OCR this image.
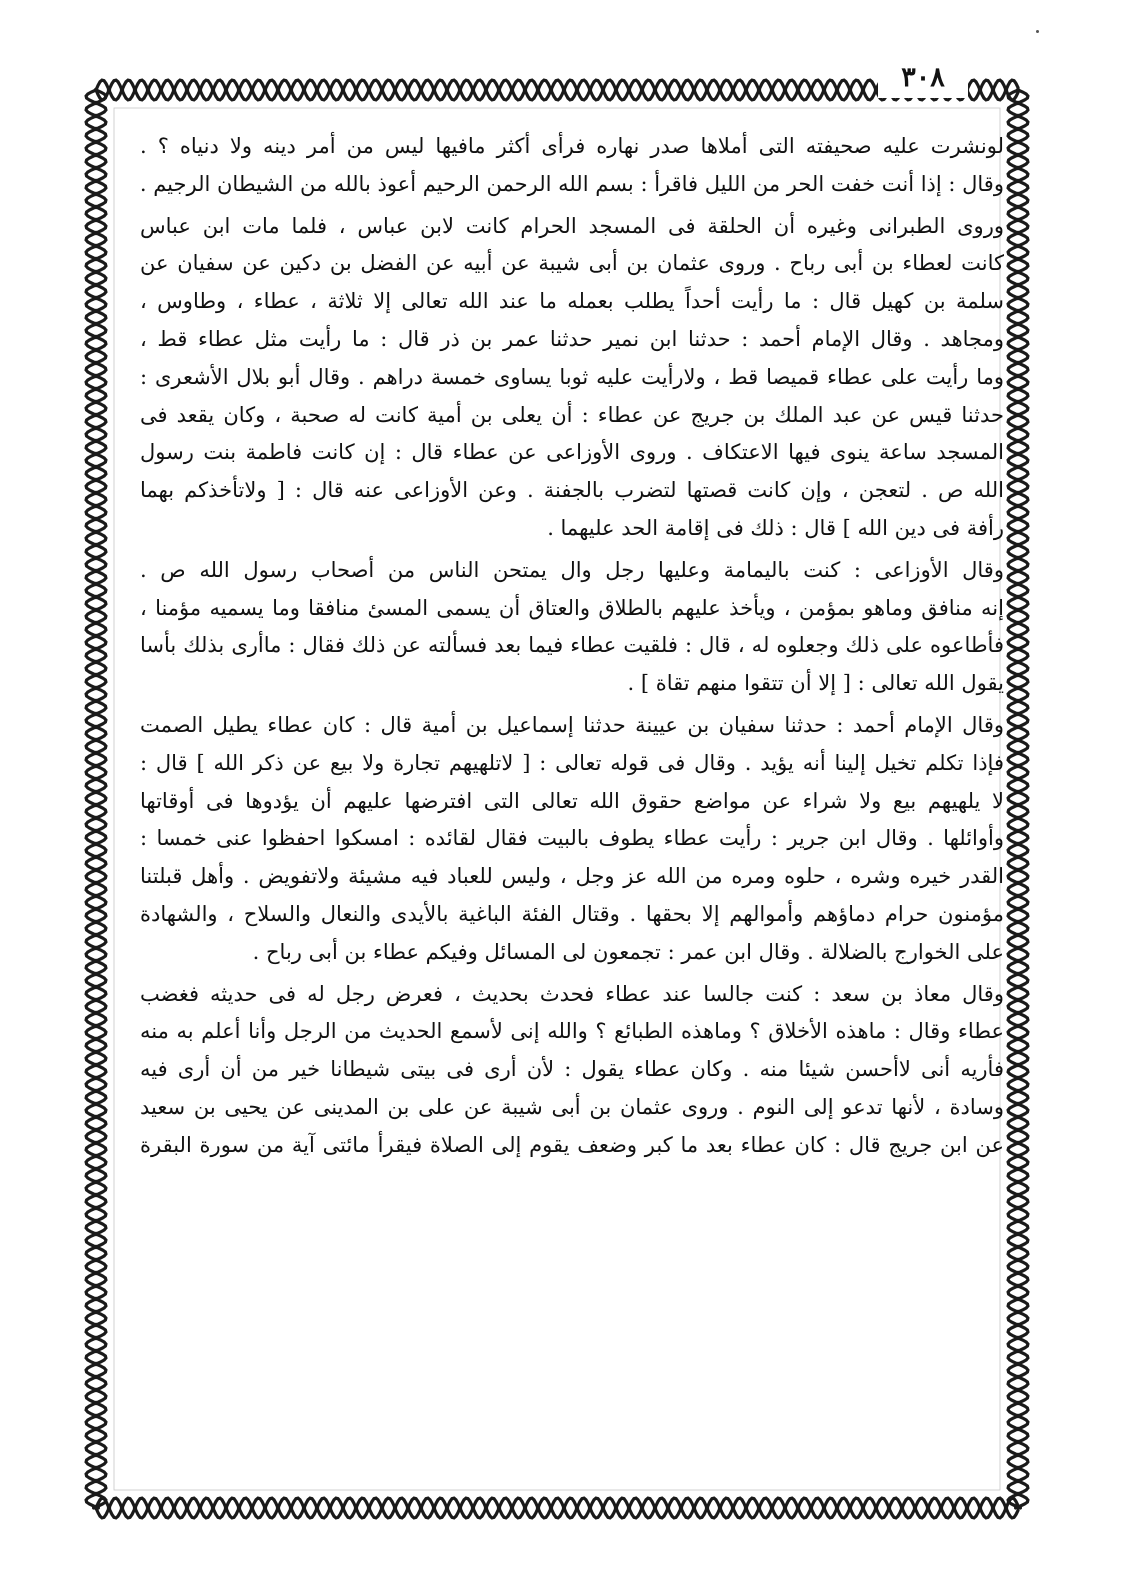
٣٠٨
لونشرت عليه صحيفته التى أملاها صدر نهاره فرأى أكثر مافيها ليس من أمر دينه ولا دنياه ؟ .
وقال : إذا أنت خفت الحر من الليل فاقرأ : بسم الله الرحمن الرحيم أعوذ بالله من الشيطان الرجيم .
وروى الطبرانى وغيره أن الحلقة فى المسجد الحرام كانت لابن عباس ، فلما مات ابن عباس
كانت لعطاء بن أبى رباح . وروى عثمان بن أبى شيبة عن أبيه عن الفضل بن دكين عن سفيان عن
سلمة بن كهيل قال : ما رأيت أحداً يطلب بعمله ما عند الله تعالى إلا ثلاثة ، عطاء ، وطاوس ،
ومجاهد . وقال الإمام أحمد : حدثنا ابن نمير حدثنا عمر بن ذر قال : ما رأيت مثل عطاء قط ،
وما رأيت على عطاء قميصا قط ، ولارأيت عليه ثوبا يساوى خمسة دراهم . وقال أبو بلال الأشعرى :
حدثنا قيس عن عبد الملك بن جريج عن عطاء : أن يعلى بن أمية كانت له صحبة ، وكان يقعد فى
المسجد ساعة ينوى فيها الاعتكاف . وروى الأوزاعى عن عطاء قال : إن كانت فاطمة بنت رسول
الله ص . لتعجن ، وإن كانت قصتها لتضرب بالجفنة . وعن الأوزاعى عنه قال : [ ولاتأخذكم بهما
رأفة فى دين الله ] قال : ذلك فى إقامة الحد عليهما .
وقال الأوزاعى : كنت باليمامة وعليها رجل وال يمتحن الناس من أصحاب رسول الله ص .
إنه منافق وماهو بمؤمن ، ويأخذ عليهم بالطلاق والعتاق أن يسمى المسئ منافقا وما يسميه مؤمنا ،
فأطاعوه على ذلك وجعلوه له ، قال : فلقيت عطاء فيما بعد فسألته عن ذلك فقال : ماأرى بذلك بأسا
يقول الله تعالى : [ إلا أن تتقوا منهم تقاة ] .
وقال الإمام أحمد : حدثنا سفيان بن عيينة حدثنا إسماعيل بن أمية قال : كان عطاء يطيل الصمت
فإذا تكلم تخيل إلينا أنه يؤيد . وقال فى قوله تعالى : [ لاتلهيهم تجارة ولا بيع عن ذكر الله ] قال :
لا يلهيهم بيع ولا شراء عن مواضع حقوق الله تعالى التى افترضها عليهم أن يؤدوها فى أوقاتها
وأوائلها . وقال ابن جرير : رأيت عطاء يطوف بالبيت فقال لقائده : امسكوا احفظوا عنى خمسا :
القدر خيره وشره ، حلوه ومره من الله عز وجل ، وليس للعباد فيه مشيئة ولاتفويض . وأهل قبلتنا
مؤمنون حرام دماؤهم وأموالهم إلا بحقها . وقتال الفئة الباغية بالأيدى والنعال والسلاح ، والشهادة
على الخوارج بالضلالة . وقال ابن عمر : تجمعون لى المسائل وفيكم عطاء بن أبى رباح .
وقال معاذ بن سعد : كنت جالسا عند عطاء فحدث بحديث ، فعرض رجل له فى حديثه فغضب
عطاء وقال : ماهذه الأخلاق ؟ وماهذه الطبائع ؟ والله إنى لأسمع الحديث من الرجل وأنا أعلم به منه
فأريه أنى لاأحسن شيئا منه . وكان عطاء يقول : لأن أرى فى بيتى شيطانا خير من أن أرى فيه
وسادة ، لأنها تدعو إلى النوم . وروى عثمان بن أبى شيبة عن على بن المدينى عن يحيى بن سعيد
عن ابن جريج قال : كان عطاء بعد ما كبر وضعف يقوم إلى الصلاة فيقرأ مائتى آية من سورة البقرة
